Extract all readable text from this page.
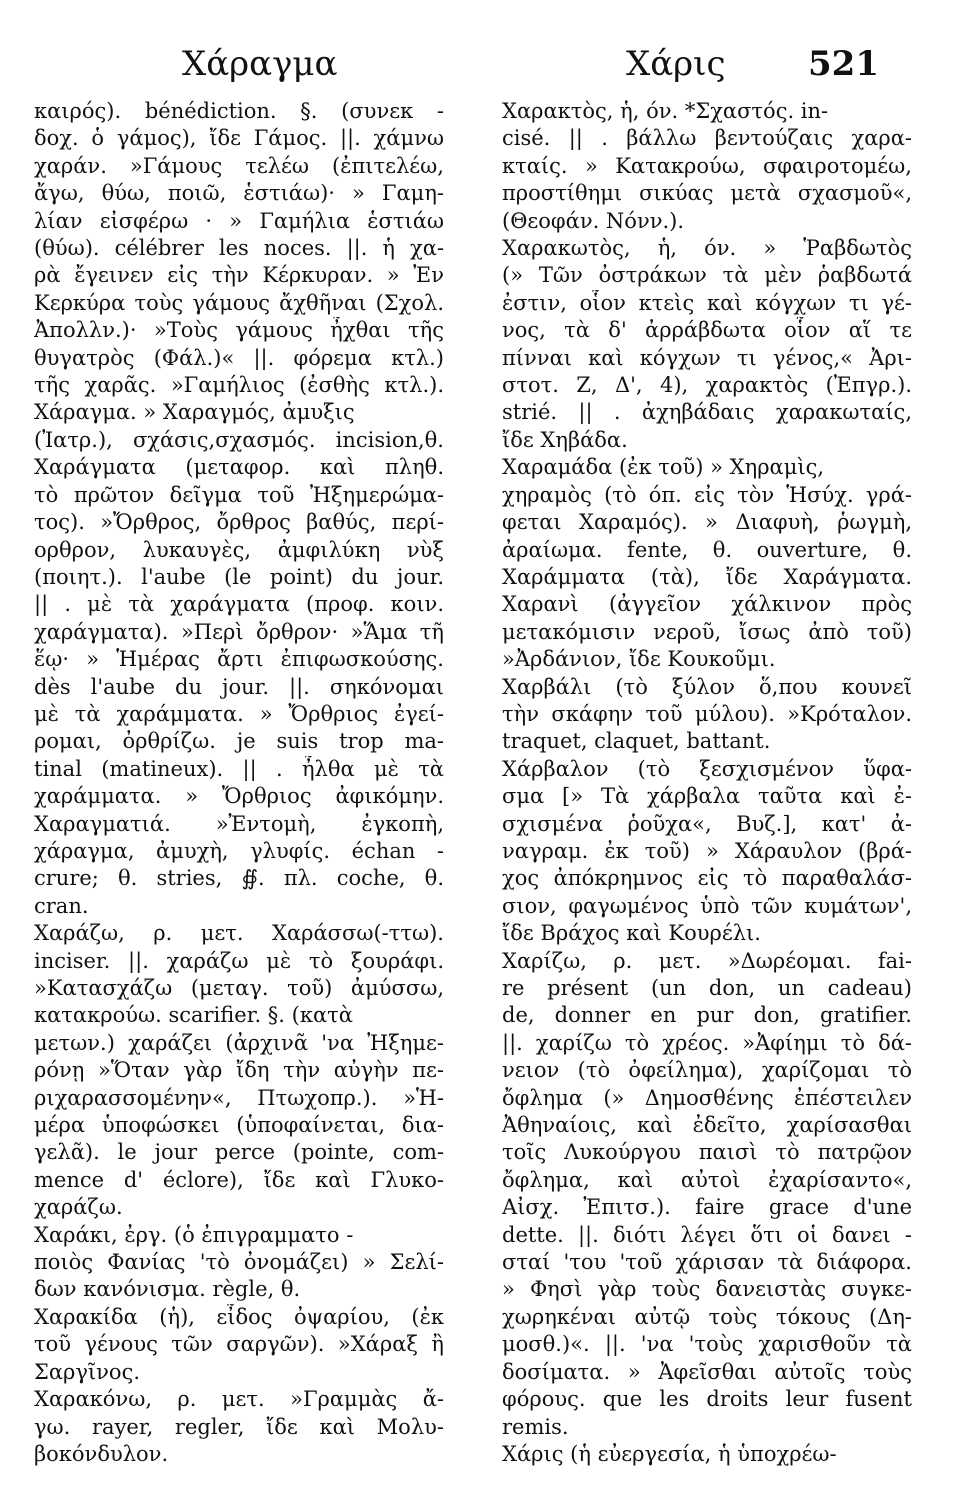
Χάραγμα	Χάρις 521
καιρός). bénédiction. §. (συνεκ -
δοχ. ὁ γάμος), ἴδε Γάμος. ||. χάμνω
χαράν. »Γάμους τελέω (ἐπιτελέω,
ἄγω, θύω, ποιῶ, ἑστιάω)· » Γαμη-
λίαν εἰσφέρω · » Γαμήλια ἑστιάω
(θύω). célébrer les noces. ||. ἡ χα-
ρὰ ἔγεινεν εἰς τὴν Κέρκυραν. » Ἐν
Κερκύρα τοὺς γάμους ἄχθῆναι (Σχολ.
Ἀπολλν.)· »Τοὺς γάμους ἦχθαι τῆς
θυγατρὸς (Φάλ.)« ||. φόρεμα κτλ.)
τῆς χαρᾶς. »Γαμήλιος (ἐσθὴς κτλ.).
Χάραγμα. » Χαραγμός, ἀμυξις
(Ἰατρ.), σχάσις,σχασμός. incision,θ.
Χαράγματα (μεταφορ. καὶ πληθ.
τὸ πρῶτον δεῖγμα τοῦ Ἠξημερώμα-
τος). »Ὄρθρος, ὄρθρος βαθύς, περί-
ορθρον, λυκαυγὲς, ἀμφιλύκη νὺξ
(ποιητ.). l'aube (le point) du jour.
|| . μὲ τὰ χαράγματα (προφ. κοιν.
χαράγματα). »Περὶ ὄρθρον· »Ἅμα τῆ
ἕῳ· » Ἡμέρας ἄρτι ἐπιφωσκούσης.
dès l'aube du jour. ||. σηκόνομαι
μὲ τὰ χαράμματα. » Ὄρθριος ἐγεί-
ρομαι, ὀρθρίζω. je suis trop ma-
tinal (matineux). || . ἦλθα μὲ τὰ
χαράμματα. » Ὄρθριος ἀφικόμην.
Χαραγματιά. »Ἐντομὴ, ἐγκοπὴ,
χάραγμα, ἀμυχὴ, γλυφίς. échan -
crure; θ. stries, ∯. πλ. coche, θ.
cran.
Χαράζω, ρ. μετ. Χαράσσω(-ττω).
inciser. ||. χαράζω μὲ τὸ ξουράφι.
»Κατασχάζω (μεταγ. τοῦ) ἀμύσσω,
κατακρούω. scarifier. §. (κατὰ
μετων.) χαράζει (ἀρχινᾶ 'να Ἠξημε-
ρόνῃ »Ὅταν γὰρ ἴδη τὴν αὐγὴν πε-
ριχαρασσομένην«, Πτωχοπρ.). »Ἡ-
μέρα ὑποφώσκει (ὑποφαίνεται, δια-
γελᾶ). le jour perce (pointe, com-
mence d' éclore), ἴδε καὶ Γλυκο-
χαράζω.
Χαράκι, ἐργ. (ὁ ἐπιγραμματο -
ποιὸς Φανίας 'τὸ ὀνομάζει) » Σελί-
δων κανόνισμα. règle, θ.
Χαρακίδα (ἡ), εἶδος ὀψαρίου, (ἐκ
τοῦ γένους τῶν σαργῶν). »Χάραξ ἢ
Σαργῖνος.
Χαρακόνω, ρ. μετ. »Γραμμὰς ἄ-
γω. rayer, regler, ἴδε καὶ Μολυ-
βοκόνδυλον.
Χαρακτὸς, ἡ, όν. *Σχαστός. in-
cisé. || . βάλλω βεντούζαις χαρα-
κταίς. » Κατακρούω, σφαιροτομέω,
προστίθημι σικύας μετὰ σχασμοῦ«,
(Θεοφάν. Νόνν.).
Χαρακωτὸς, ἡ, όν. » Ῥαβδωτὸς
(» Τῶν ὀστράκων τὰ μὲν ῥαβδωτά
ἐστιν, οἷον κτεὶς καὶ κόγχων τι γέ-
νος, τὰ δ' ἀρράβδωτα οἷον αἵ τε
πίνναι καὶ κόγχων τι γένος,« Ἀρι-
στοτ. Ζ, Δ', 4), χαρακτὸς (Ἐπγρ.).
strié. || . ἀχηβάδαις χαρακωταίς,
ἴδε Χηβάδα.
Χαραμάδα (ἐκ τοῦ) » Χηραμὶς,
χηραμὸς (τὸ όπ. εἰς τὸν Ἡσύχ. γρά-
φεται Χαραμός). » Διαφυὴ, ῥωγμὴ,
ἀραίωμα. fente, θ. ouverture, θ.
Χαράμματα (τὰ), ἴδε Χαράγματα.
Χαρανὶ (ἀγγεῖον χάλκινον πρὸς
μετακόμισιν νεροῦ, ἴσως ἀπὸ τοῦ)
»Ἀρδάνιον, ἴδε Κουκοῦμι.
Χαρβάλι (τὸ ξύλον ὅ,που κουνεῖ
τὴν σκάφην τοῦ μύλου). »Κρόταλον.
traquet, claquet, battant.
Χάρβαλον (τὸ ξεσχισμένον ὕφα-
σμα [» Τὰ χάρβαλα ταῦτα καὶ ἐ-
σχισμένα ῥοῦχα«, Βυζ.], κατ' ἀ-
ναγραμ. ἐκ τοῦ) » Χάραυλον (βρά-
χος ἀπόκρημνος εἰς τὸ παραθαλάσ-
σιον, φαγωμένος ὑπὸ τῶν κυμάτων',
ἴδε Βράχος καὶ Κουρέλι.
Χαρίζω, ρ. μετ. »Δωρέομαι. fai-
re présent (un don, un cadeau)
de, donner en pur don, gratifier.
||. χαρίζω τὸ χρέος. »Ἀφίημι τὸ δά-
νειον (τὸ ὀφείλημα), χαρίζομαι τὸ
ὄφλημα (» Δημοσθένης ἐπέστειλεν
Ἀθηναίοις, καὶ ἐδεῖτο, χαρίσασθαι
τοῖς Λυκούργου παισὶ τὸ πατρῷον
ὄφλημα, καὶ αὐτοὶ ἐχαρίσαντο«,
Αἰσχ. Ἐπιτσ.). faire grace d'une
dette. ||. διότι λέγει ὅτι οἱ δανει -
σταί 'του 'τοῦ χάρισαν τὰ διάφορα.
» Φησὶ γὰρ τοὺς δανειστὰς συγκε-
χωρηκέναι αὐτῷ τοὺς τόκους (Δη-
μοσθ.)«. ||. 'να 'τοὺς χαρισθοῦν τὰ
δοσίματα. » Ἀφεῖσθαι αὐτοῖς τοὺς
φόρους. que les droits leur fusent
remis.
Χάρις (ἡ εὐεργεσία, ἡ ὑποχρέω-
